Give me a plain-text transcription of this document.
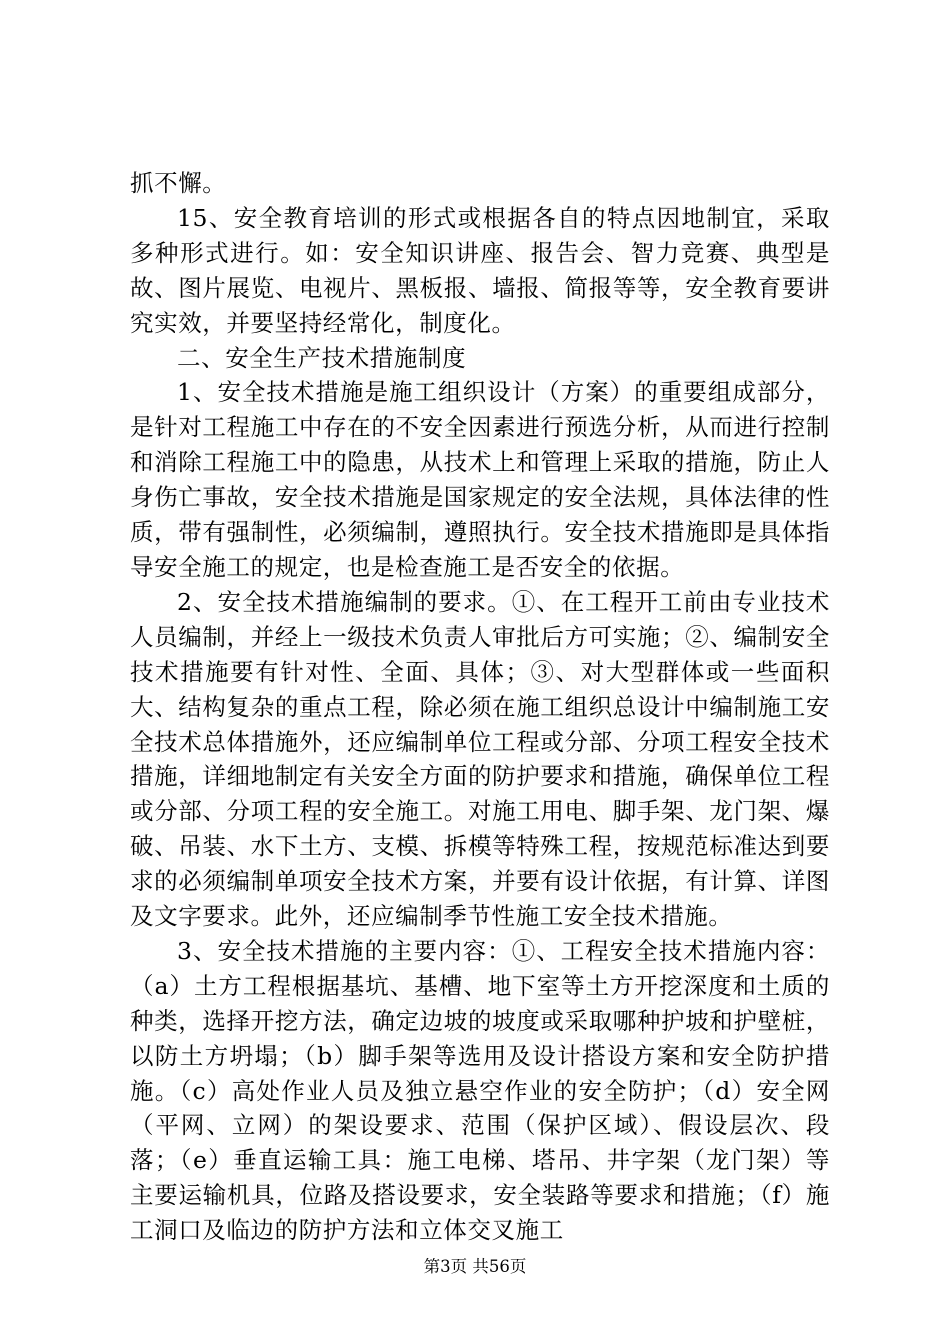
抓不懈。

15、安全教育培训的形式或根据各自的特点因地制宜，采取多种形式进行。如：安全知识讲座、报告会、智力竞赛、典型是故、图片展览、电视片、黑板报、墙报、简报等等，安全教育要讲究实效，并要坚持经常化，制度化。

二、安全生产技术措施制度

1、安全技术措施是施工组织设计（方案）的重要组成部分，是针对工程施工中存在的不安全因素进行预选分析，从而进行控制和消除工程施工中的隐患，从技术上和管理上采取的措施，防止人身伤亡事故，安全技术措施是国家规定的安全法规，具体法律的性质，带有强制性，必须编制，遵照执行。安全技术措施即是具体指导安全施工的规定，也是检查施工是否安全的依据。

2、安全技术措施编制的要求。①、在工程开工前由专业技术人员编制，并经上一级技术负责人审批后方可实施；②、编制安全技术措施要有针对性、全面、具体；③、对大型群体或一些面积大、结构复杂的重点工程，除必须在施工组织总设计中编制施工安全技术总体措施外，还应编制单位工程或分部、分项工程安全技术措施，详细地制定有关安全方面的防护要求和措施，确保单位工程或分部、分项工程的安全施工。对施工用电、脚手架、龙门架、爆破、吊装、水下土方、支模、拆模等特殊工程，按规范标准达到要求的必须编制单项安全技术方案，并要有设计依据，有计算、详图及文字要求。此外，还应编制季节性施工安全技术措施。

3、安全技术措施的主要内容：①、工程安全技术措施内容：（a）土方工程根据基坑、基槽、地下室等土方开挖深度和土质的种类，选择开挖方法，确定边坡的坡度或采取哪种护坡和护壁桩，以防土方坍塌；（b）脚手架等选用及设计搭设方案和安全防护措施。（c）高处作业人员及独立悬空作业的安全防护；（d）安全网（平网、立网）的架设要求、范围（保护区域）、假设层次、段落；（e）垂直运输工具：施工电梯、塔吊、井字架（龙门架）等主要运输机具，位路及搭设要求，安全装路等要求和措施；（f）施工洞口及临边的防护方法和立体交叉施工

第3页 共56页
